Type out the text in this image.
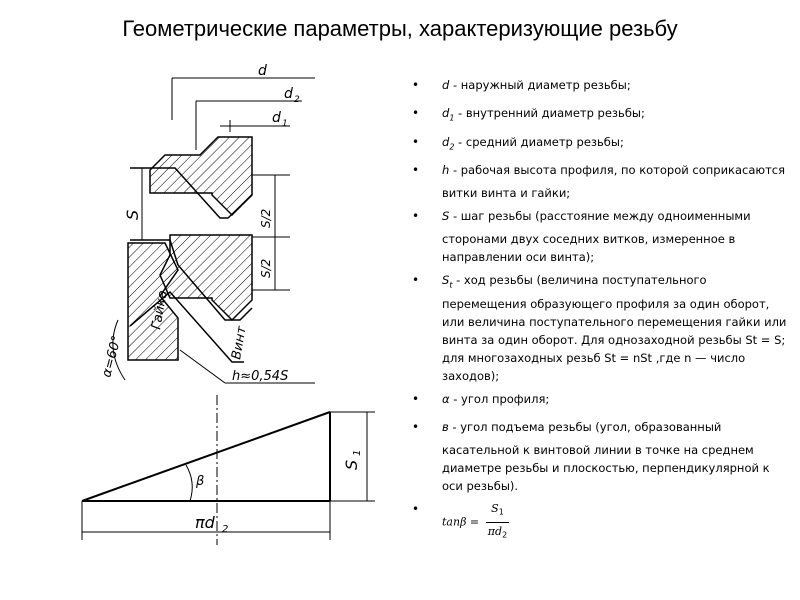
Геометрические параметры, характеризующие резьбу
d
d 2
d 1
S	S/2
S/2
Гайка
Винт
α=60°	h≈0,54S
β
S
1
πd 2
• d - наружный диаметр резьбы;
• $d_1$ - внутренний диаметр резьбы;
• $d_2$ - средний диаметр резьбы;
• h - рабочая высота профиля, по которой соприкасаются витки винта и гайки;
• S - шаг резьбы (расстояние между одноименными сторонами двух соседних витков, измеренное в направлении оси винта);
• $S_t$ - ход резьбы (величина поступательного перемещения образующего профиля за один оборот, или величина поступательного перемещения гайки или винта за один оборот. Для однозаходной резьбы St = S; для многозаходных резьб St = nSt ,где n — число заходов);
• α - угол профиля;
• в - угол подъема резьбы (угол, образованный касательной к винтовой линии в точке на среднем диаметре резьбы и плоскостью, перпендикулярной к оси резьбы).
• $\tan\beta = \frac{S_1}{\pi d_2}$
